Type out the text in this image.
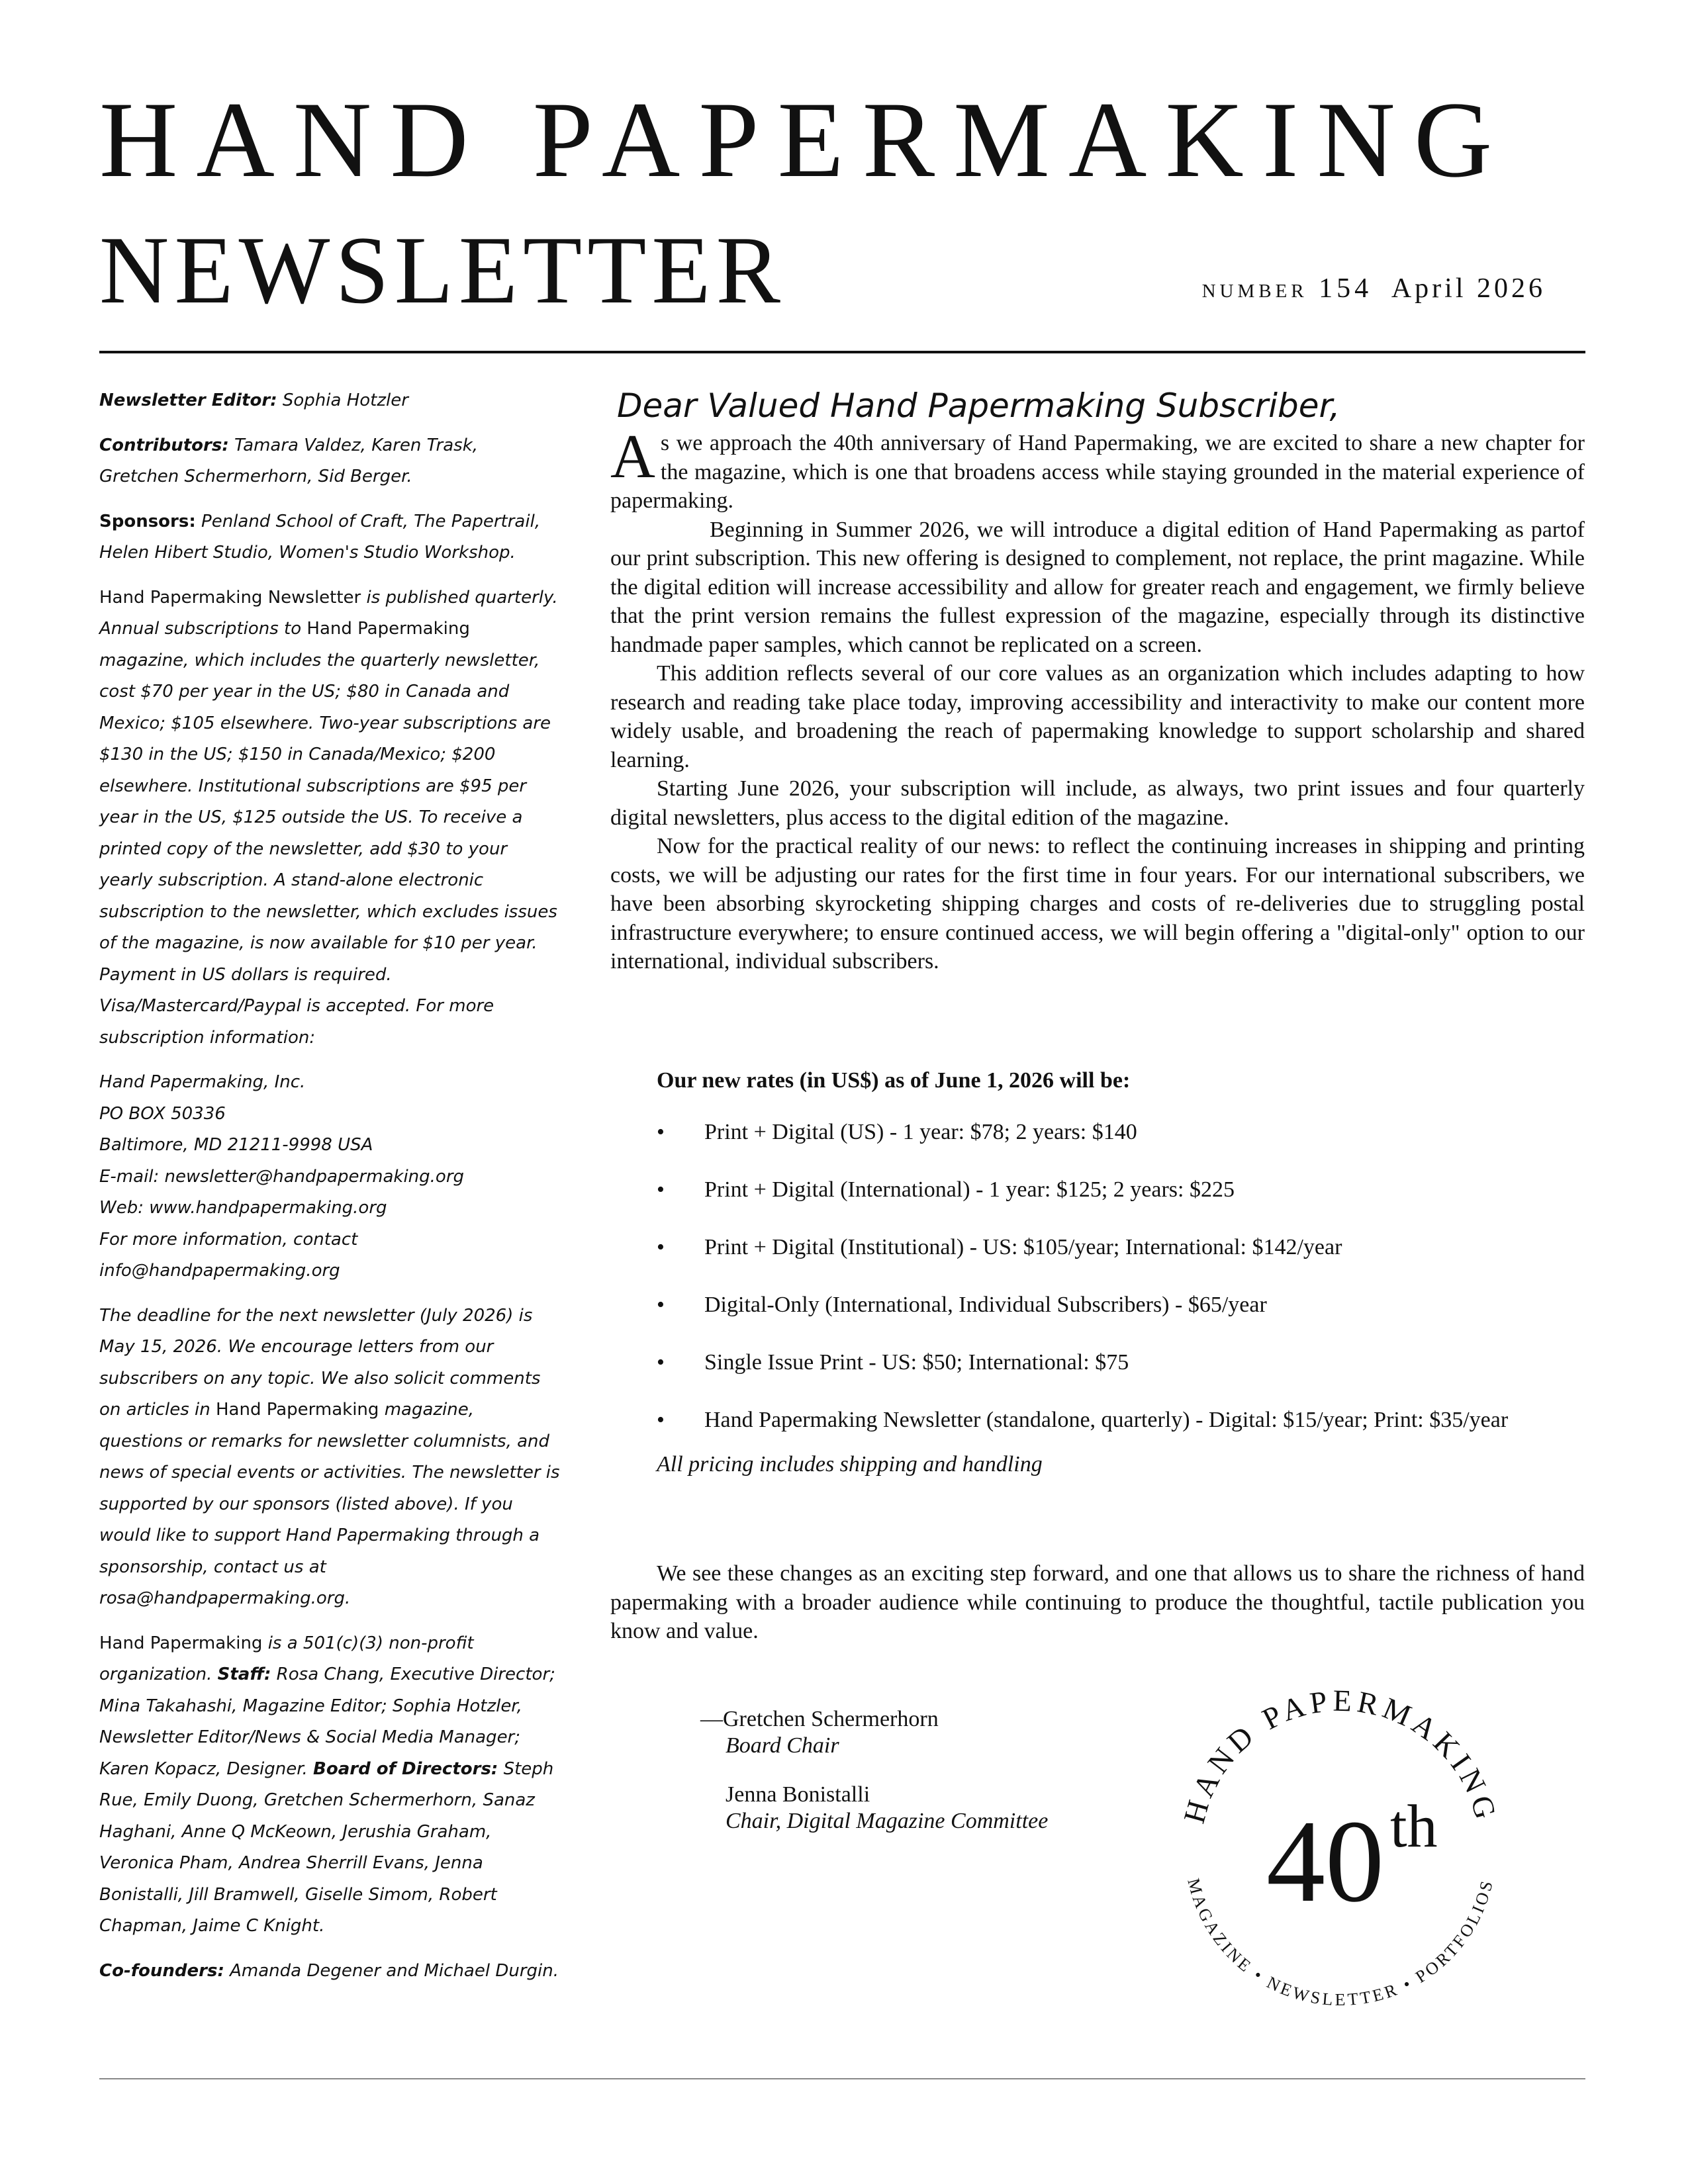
HAND PAPERMAKING
NEWSLETTER	number 154 April 2026

Newsletter Editor: Sophia Hotzler

Contributors: Tamara Valdez, Karen Trask, Gretchen Schermerhorn, Sid Berger.

Sponsors: Penland School of Craft, The Papertrail, Helen Hibert Studio, Women's Studio Workshop.

Hand Papermaking Newsletter is published quarterly. Annual subscriptions to Hand Papermaking magazine, which includes the quarterly newsletter, cost $70 per year in the US; $80 in Canada and Mexico; $105 elsewhere. Two-year subscriptions are $130 in the US; $150 in Canada/Mexico; $200 elsewhere. Institutional subscriptions are $95 per year in the US, $125 outside the US. To receive a printed copy of the newsletter, add $30 to your yearly subscription. A stand-alone electronic subscription to the newsletter, which excludes issues of the magazine, is now available for $10 per year. Payment in US dollars is required. Visa/Mastercard/Paypal is accepted. For more subscription information:

Hand Papermaking, Inc.
PO BOX 50336
Baltimore, MD 21211-9998 USA
E-mail: newsletter@handpapermaking.org
Web: www.handpapermaking.org
For more information, contact
info@handpapermaking.org

The deadline for the next newsletter (July 2026) is May 15, 2026. We encourage letters from our subscribers on any topic. We also solicit comments on articles in Hand Papermaking magazine, questions or remarks for newsletter columnists, and news of special events or activities. The newsletter is supported by our sponsors (listed above). If you would like to support Hand Papermaking through a sponsorship, contact us at rosa@handpapermaking.org.

Hand Papermaking is a 501(c)(3) non-profit organization. Staff: Rosa Chang, Executive Director; Mina Takahashi, Magazine Editor; Sophia Hotzler, Newsletter Editor/News & Social Media Manager; Karen Kopacz, Designer. Board of Directors: Steph Rue, Emily Duong, Gretchen Schermerhorn, Sanaz Haghani, Anne Q McKeown, Jerushia Graham, Veronica Pham, Andrea Sherrill Evans, Jenna Bonistalli, Jill Bramwell, Giselle Simom, Robert Chapman, Jaime C Knight.

Co-founders: Amanda Degener and Michael Durgin.

Dear Valued Hand Papermaking Subscriber,

As we approach the 40th anniversary of Hand Papermaking, we are excited to share a new chapter for the magazine, which is one that broadens access while staying grounded in the material experience of papermaking.

Beginning in Summer 2026, we will introduce a digital edition of Hand Papermaking as partof our print subscription. This new offering is designed to complement, not replace, the print magazine. While the digital edition will increase accessibility and allow for greater reach and engagement, we firmly believe that the print version remains the fullest expression of the magazine, especially through its distinctive handmade paper samples, which cannot be replicated on a screen.

This addition reflects several of our core values as an organization which includes adapting to how research and reading take place today, improving accessibility and interactivity to make our content more widely usable, and broadening the reach of papermaking knowledge to support scholarship and shared learning.

Starting June 2026, your subscription will include, as always, two print issues and four quarterly digital newsletters, plus access to the digital edition of the magazine.

Now for the practical reality of our news: to reflect the continuing increases in shipping and printing costs, we will be adjusting our rates for the first time in four years. For our international subscribers, we have been absorbing skyrocketing shipping charges and costs of re-deliveries due to struggling postal infrastructure everywhere; to ensure continued access, we will begin offering a "digital-only" option to our international, individual subscribers.

Our new rates (in US$) as of June 1, 2026 will be:
• Print + Digital (US) - 1 year: $78; 2 years: $140
• Print + Digital (International) - 1 year: $125; 2 years: $225
• Print + Digital (Institutional) - US: $105/year; International: $142/year
• Digital-Only (International, Individual Subscribers) - $65/year
• Single Issue Print - US: $50; International: $75
• Hand Papermaking Newsletter (standalone, quarterly) - Digital: $15/year; Print: $35/year
All pricing includes shipping and handling

We see these changes as an exciting step forward, and one that allows us to share the richness of hand papermaking with a broader audience while continuing to produce the thoughtful, tactile publication you know and value.

—Gretchen Schermerhorn
Board Chair
Jenna Bonistalli
Chair, Digital Magazine Committee	HAND PAPERMAKING
MAGAZINE • NEWSLETTER • PORTFOLIOS
40 th
